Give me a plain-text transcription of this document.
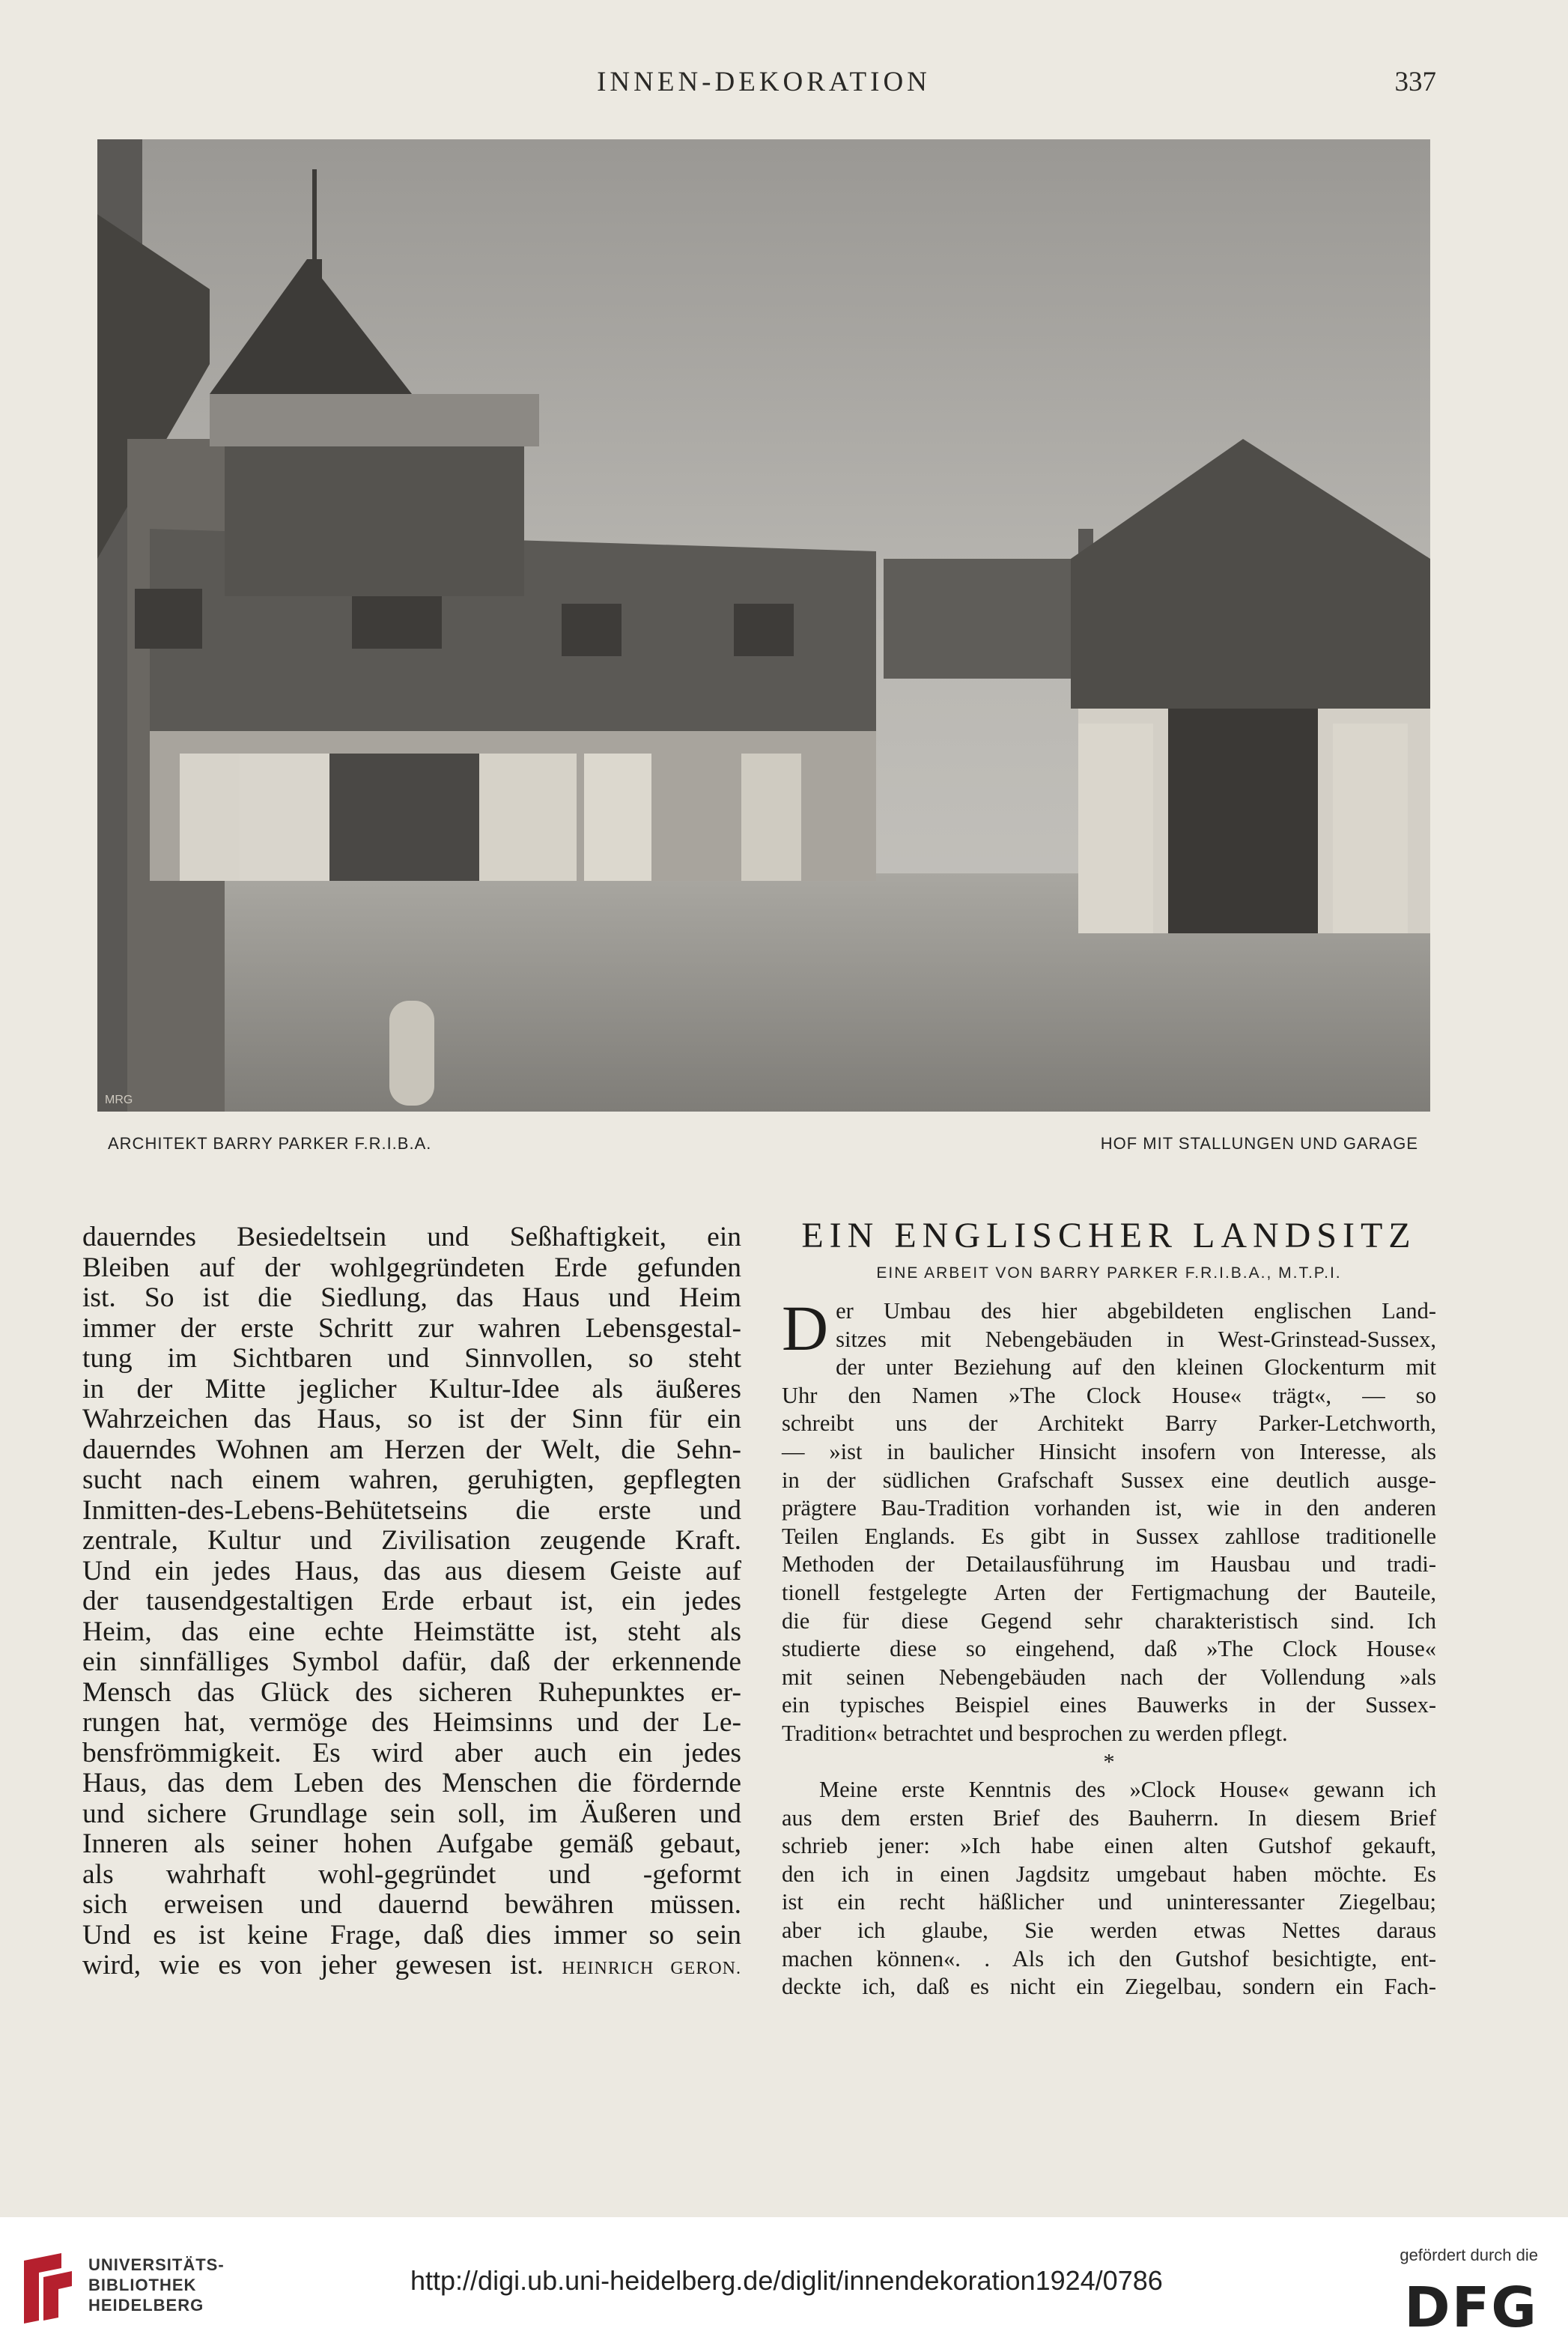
INNEN-DEKORATION	337
MRG
ARCHITEKT BARRY PARKER F.R.I.B.A.	HOF MIT STALLUNGEN UND GARAGE
dauerndes Besiedeltsein und Seßhaftigkeit, ein
Bleiben auf der wohlgegründeten Erde gefunden
ist. So ist die Siedlung, das Haus und Heim
immer der erste Schritt zur wahren Lebensgestal-
tung im Sichtbaren und Sinnvollen, so steht
in der Mitte jeglicher Kultur-Idee als äußeres
Wahrzeichen das Haus, so ist der Sinn für ein
dauerndes Wohnen am Herzen der Welt, die Sehn-
sucht nach einem wahren, geruhigten, gepflegten
Inmitten-des-Lebens-Behütetseins die erste und
zentrale, Kultur und Zivilisation zeugende Kraft.
Und ein jedes Haus, das aus diesem Geiste auf
der tausendgestaltigen Erde erbaut ist, ein jedes
Heim, das eine echte Heimstätte ist, steht als
ein sinnfälliges Symbol dafür, daß der erkennende
Mensch das Glück des sicheren Ruhepunktes er-
rungen hat, vermöge des Heimsinns und der Le-
bensfrömmigkeit. Es wird aber auch ein jedes
Haus, das dem Leben des Menschen die fördernde
und sichere Grundlage sein soll, im Äußeren und
Inneren als seiner hohen Aufgabe gemäß gebaut,
als wahrhaft wohl-gegründet und -geformt
sich erweisen und dauernd bewähren müssen.
Und es ist keine Frage, daß dies immer so sein
wird, wie es von jeher gewesen ist. HEINRICH GERON.
EIN ENGLISCHER LANDSITZ
EINE ARBEIT VON BARRY PARKER F.R.I.B.A., M.T.P.I.
D er Umbau des hier abgebildeten englischen Land-
sitzes mit Nebengebäuden in West-Grinstead-Sussex,
der unter Beziehung auf den kleinen Glockenturm mit
Uhr den Namen »The Clock House« trägt«, — so
schreibt uns der Architekt Barry Parker-Letchworth,
— »ist in baulicher Hinsicht insofern von Interesse, als
in der südlichen Grafschaft Sussex eine deutlich ausge-
prägtere Bau-Tradition vorhanden ist, wie in den anderen
Teilen Englands. Es gibt in Sussex zahllose traditionelle
Methoden der Detailausführung im Hausbau und tradi-
tionell festgelegte Arten der Fertigmachung der Bauteile,
die für diese Gegend sehr charakteristisch sind. Ich
studierte diese so eingehend, daß »The Clock House«
mit seinen Nebengebäuden nach der Vollendung »als
ein typisches Beispiel eines Bauwerks in der Sussex-
Tradition« betrachtet und besprochen zu werden pflegt.
*
Meine erste Kenntnis des »Clock House« gewann ich
aus dem ersten Brief des Bauherrn. In diesem Brief
schrieb jener: »Ich habe einen alten Gutshof gekauft,
den ich in einen Jagdsitz umgebaut haben möchte. Es
ist ein recht häßlicher und uninteressanter Ziegelbau;
aber ich glaube, Sie werden etwas Nettes daraus
machen können«. . Als ich den Gutshof besichtigte, ent-
deckte ich, daß es nicht ein Ziegelbau, sondern ein Fach-
UNIVERSITÄTS-
BIBLIOTHEK
HEIDELBERG
http://digi.ub.uni-heidelberg.de/diglit/innendekoration1924/0786
gefördert durch die
DFG
